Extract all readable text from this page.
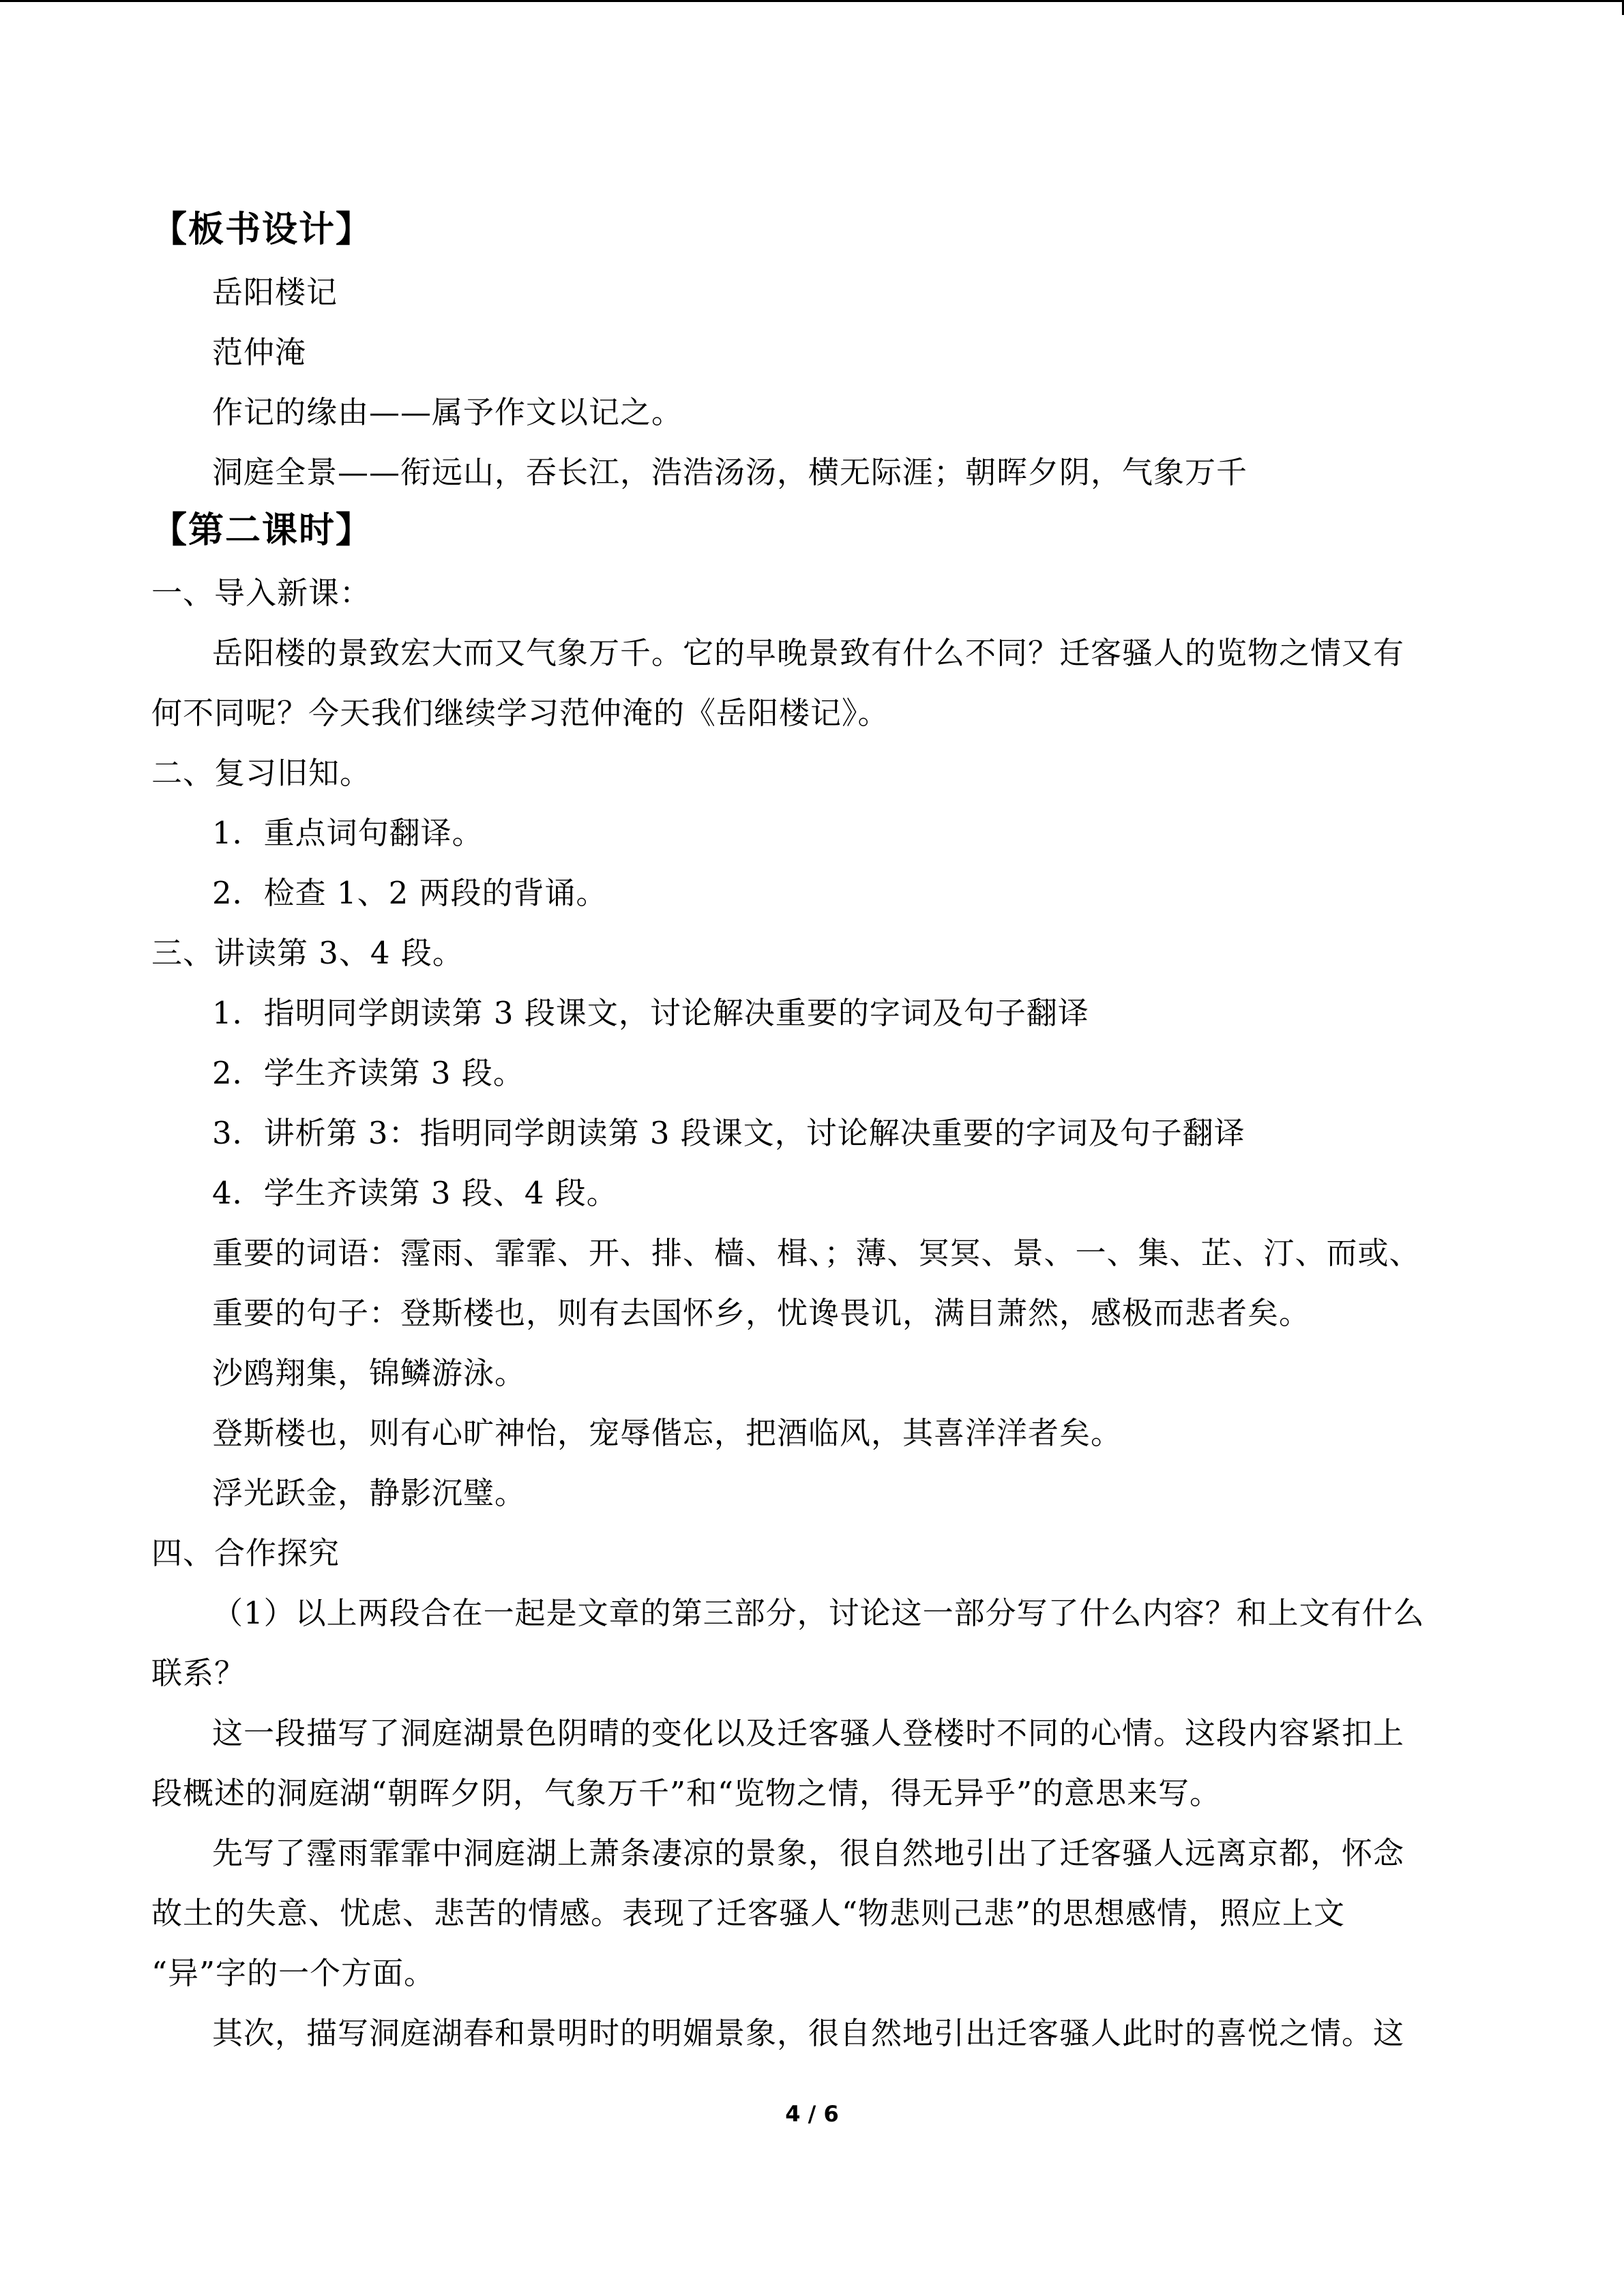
【板书设计】
岳阳楼记
范仲淹
作记的缘由——属予作文以记之。
洞庭全景——衔远山，吞长江，浩浩汤汤，横无际涯；朝晖夕阴，气象万千
【第二课时】
一、导入新课：
岳阳楼的景致宏大而又气象万千。它的早晚景致有什么不同？迁客骚人的览物之情又有
何不同呢？今天我们继续学习范仲淹的《岳阳楼记》。
二、复习旧知。
1．重点词句翻译。
2．检查 1、2 两段的背诵。
三、讲读第 3、4 段。
1．指明同学朗读第 3 段课文，讨论解决重要的字词及句子翻译
2．学生齐读第 3 段。
3．讲析第 3：指明同学朗读第 3 段课文，讨论解决重要的字词及句子翻译
4．学生齐读第 3 段、4 段。
重要的词语：霪雨、霏霏、开、排、樯、楫、；薄、冥冥、景、一、集、芷、汀、而或、
重要的句子：登斯楼也，则有去国怀乡，忧谗畏讥，满目萧然，感极而悲者矣。
沙鸥翔集，锦鳞游泳。
登斯楼也，则有心旷神怡，宠辱偕忘，把酒临风，其喜洋洋者矣。
浮光跃金，静影沉璧。
四、合作探究
（1）以上两段合在一起是文章的第三部分，讨论这一部分写了什么内容？和上文有什么
联系？
这一段描写了洞庭湖景色阴晴的变化以及迁客骚人登楼时不同的心情。这段内容紧扣上
段概述的洞庭湖“朝晖夕阴，气象万千”和“览物之情，得无异乎”的意思来写。
先写了霪雨霏霏中洞庭湖上萧条凄凉的景象，很自然地引出了迁客骚人远离京都，怀念
故土的失意、忧虑、悲苦的情感。表现了迁客骚人“物悲则己悲”的思想感情，照应上文
“异”字的一个方面。
其次，描写洞庭湖春和景明时的明媚景象，很自然地引出迁客骚人此时的喜悦之情。这
4 / 6
